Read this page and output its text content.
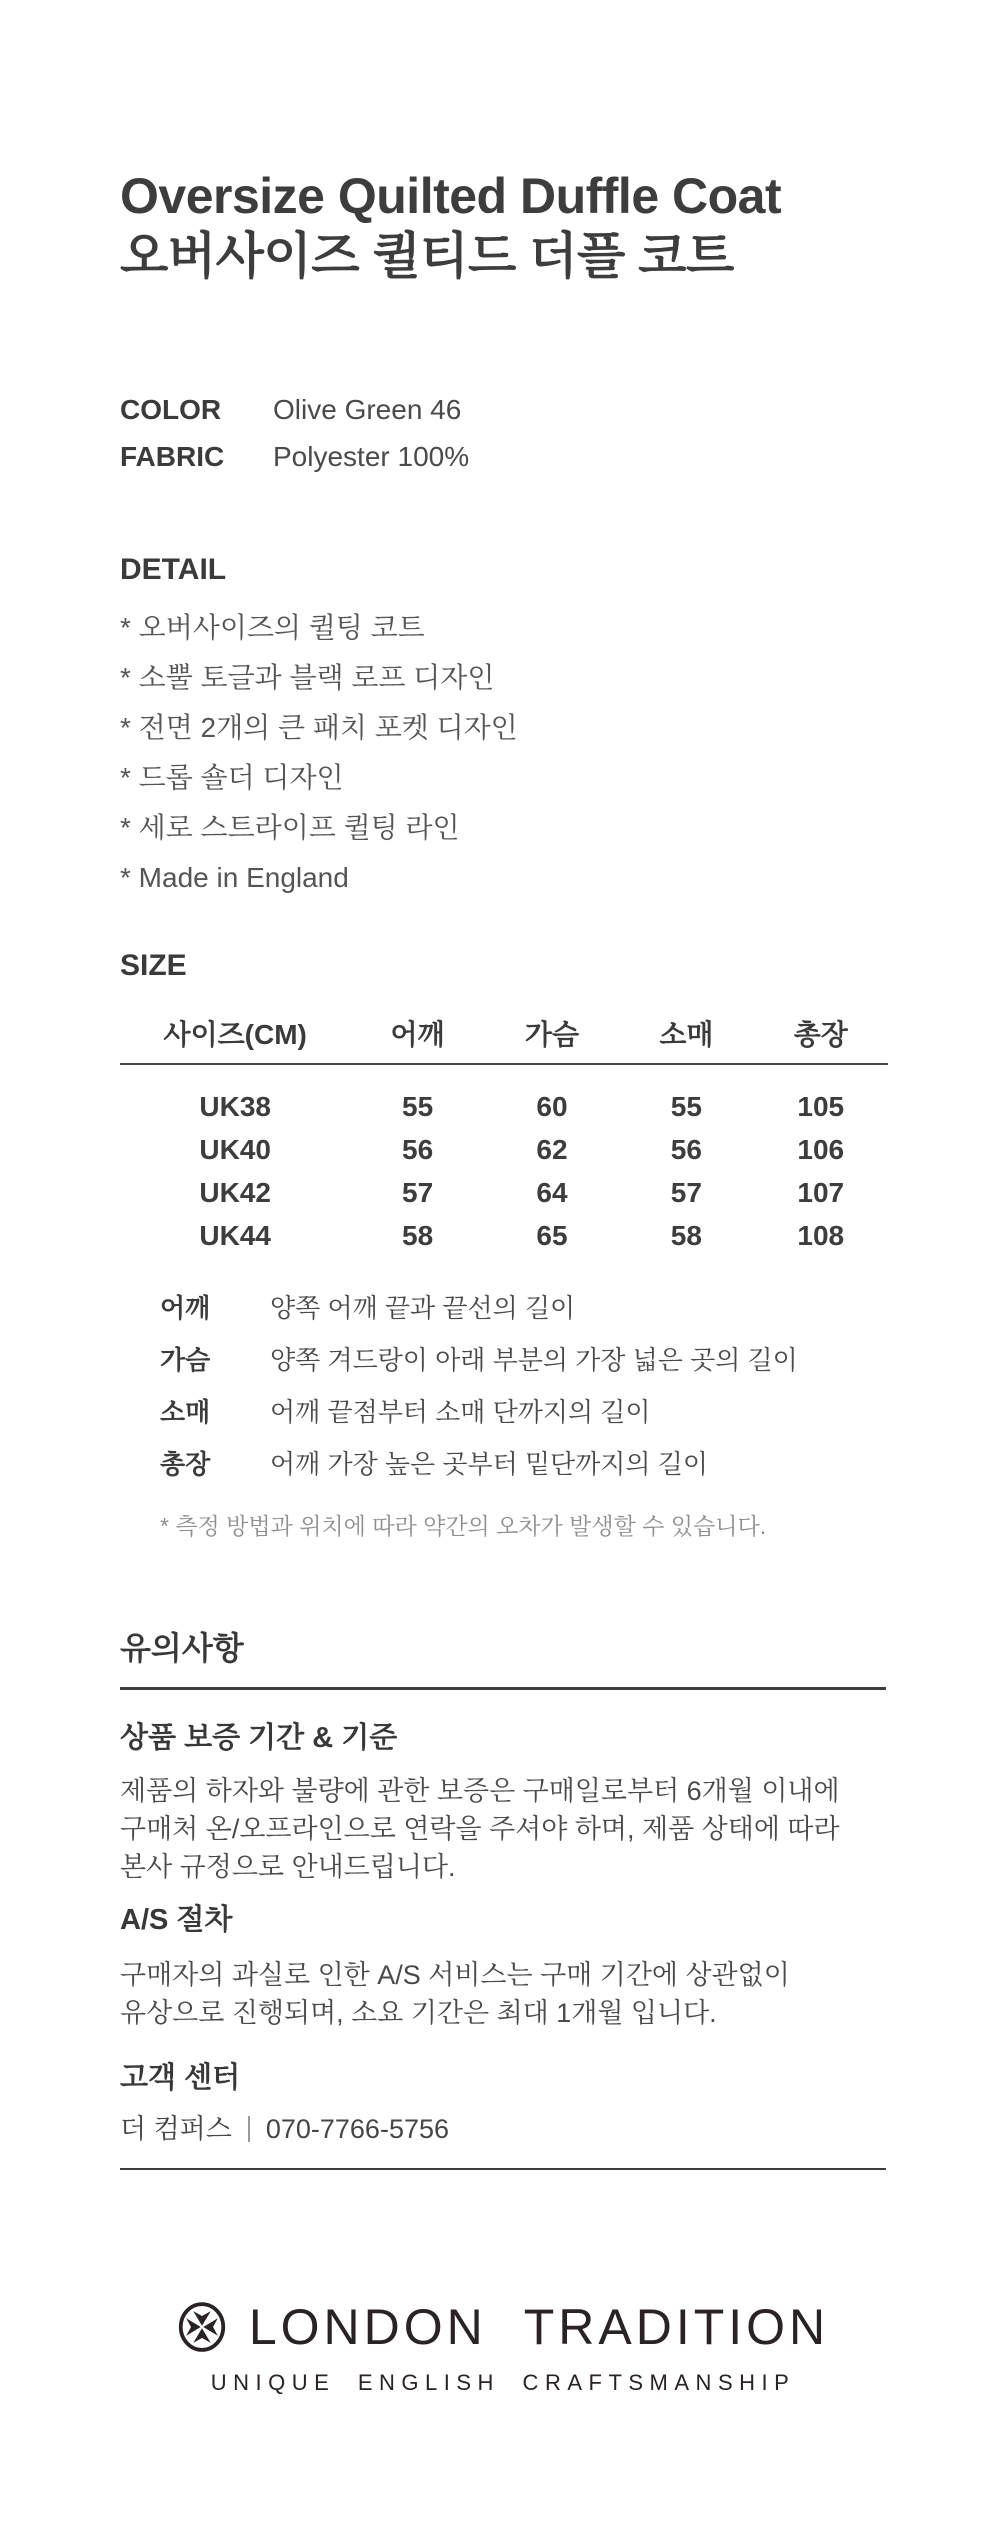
Oversize Quilted Duffle Coat
오버사이즈 퀼티드 더플 코트
COLOR	Olive Green 46
FABRIC	Polyester 100%
DETAIL
* 오버사이즈의 퀼팅 코트
* 소뿔 토글과 블랙 로프 디자인
* 전면 2개의 큰 패치 포켓 디자인
* 드롭 숄더 디자인
* 세로 스트라이프 퀼팅 라인
* Made in England
SIZE
사이즈(CM)	어깨	가슴	소매	총장
UK38	55	60	55	105
UK40	56	62	56	106
UK42	57	64	57	107
UK44	58	65	58	108
어깨	양쪽 어깨 끝과 끝선의 길이
가슴	양쪽 겨드랑이 아래 부분의 가장 넓은 곳의 길이
소매	어깨 끝점부터 소매 단까지의 길이
총장	어깨 가장 높은 곳부터 밑단까지의 길이
* 측정 방법과 위치에 따라 약간의 오차가 발생할 수 있습니다.
유의사항
상품 보증 기간 & 기준
제품의 하자와 불량에 관한 보증은 구매일로부터 6개월 이내에
구매처 온/오프라인으로 연락을 주셔야 하며, 제품 상태에 따라
본사 규정으로 안내드립니다.
A/S 절차
구매자의 과실로 인한 A/S 서비스는 구매 기간에 상관없이
유상으로 진행되며, 소요 기간은 최대 1개월 입니다.
고객 센터
더 컴퍼스 070-7766-5756
LONDON TRADITION
UNIQUE ENGLISH CRAFTSMANSHIP
